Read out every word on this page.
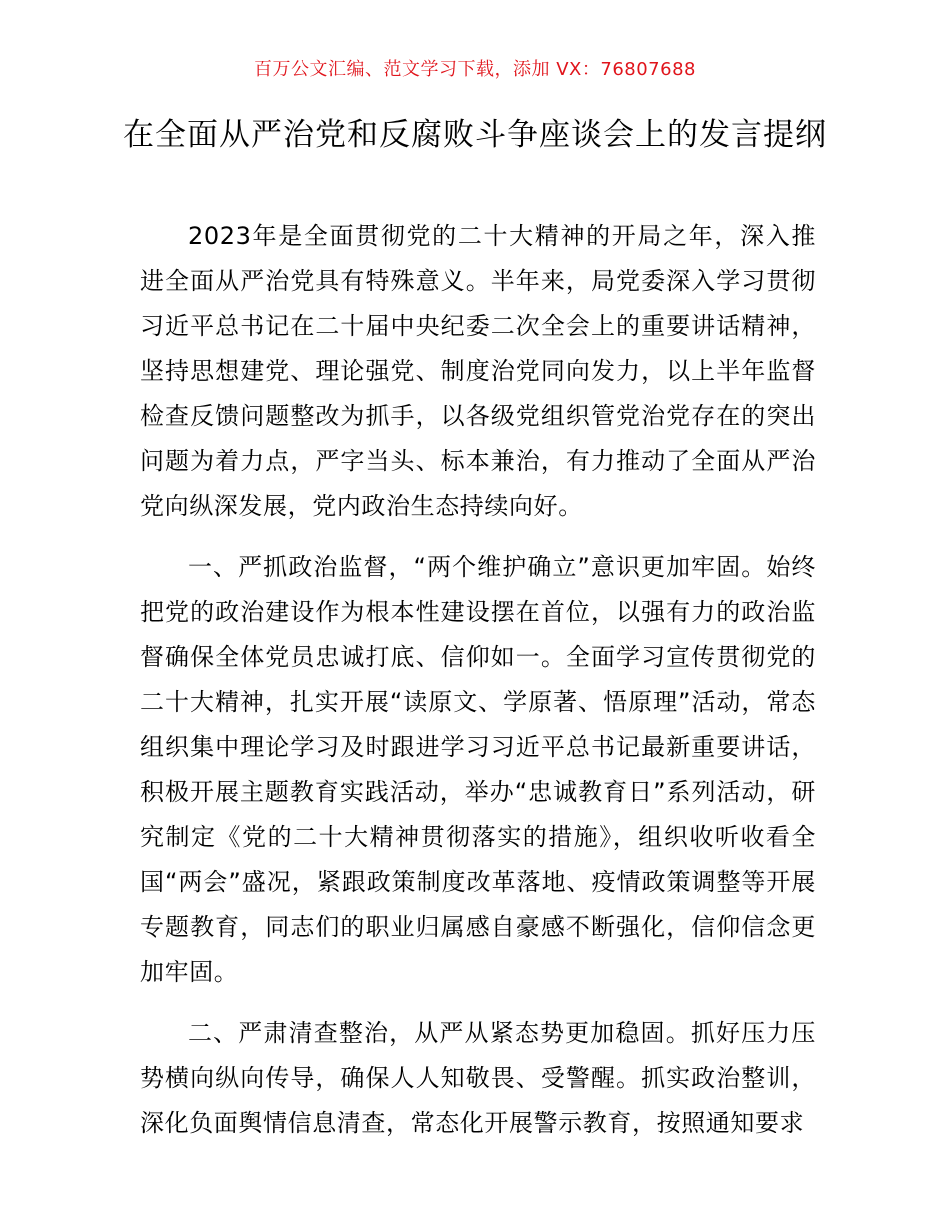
百万公文汇编、范文学习下载，添加 VX：76807688
在全面从严治党和反腐败斗争座谈会上的发言提纲

2023年是全面贯彻党的二十大精神的开局之年，深入推进全面从严治党具有特殊意义。半年来，局党委深入学习贯彻习近平总书记在二十届中央纪委二次全会上的重要讲话精神，坚持思想建党、理论强党、制度治党同向发力，以上半年监督检查反馈问题整改为抓手，以各级党组织管党治党存在的突出问题为着力点，严字当头、标本兼治，有力推动了全面从严治党向纵深发展，党内政治生态持续向好。

一、严抓政治监督，“两个维护确立”意识更加牢固。始终把党的政治建设作为根本性建设摆在首位，以强有力的政治监督确保全体党员忠诚打底、信仰如一。全面学习宣传贯彻党的二十大精神，扎实开展“读原文、学原著、悟原理”活动，常态组织集中理论学习及时跟进学习习近平总书记最新重要讲话，积极开展主题教育实践活动，举办“忠诚教育日”系列活动，研究制定《党的二十大精神贯彻落实的措施》，组织收听收看全国“两会”盛况，紧跟政策制度改革落地、疫情政策调整等开展专题教育，同志们的职业归属感自豪感不断强化，信仰信念更加牢固。

二、严肃清查整治，从严从紧态势更加稳固。抓好压力压势横向纵向传导，确保人人知敬畏、受警醒。抓实政治整训，深化负面舆情信息清查，常态化开展警示教育，按照通知要求
